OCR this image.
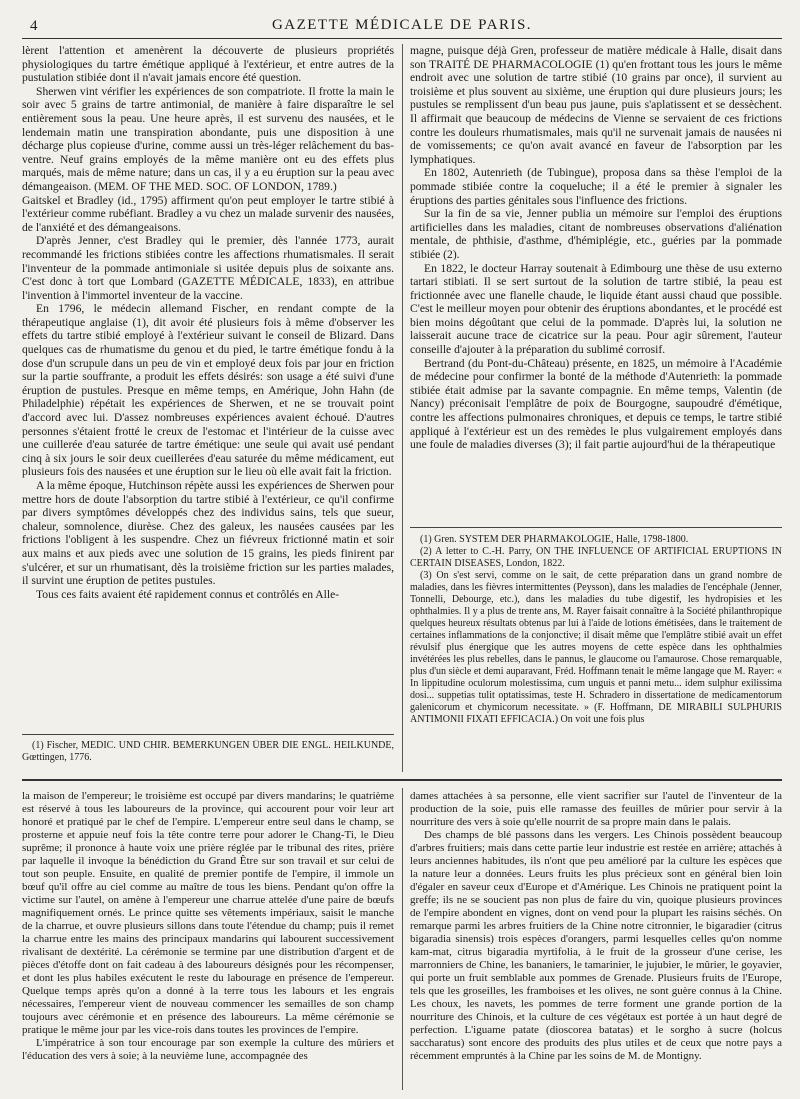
4	GAZETTE MÉDICALE DE PARIS.

lèrent l'attention et amenèrent la découverte de plusieurs propriétés physiologiques du tartre émétique appliqué à l'extérieur, et entre autres de la pustulation stibiée dont il n'avait jamais encore été question.

Sherwen vint vérifier les expériences de son compatriote. Il frotte la main le soir avec 5 grains de tartre antimonial, de manière à faire disparaître le sel entièrement sous la peau. Une heure après, il est survenu des nausées, et le lendemain matin une transpiration abondante, puis une disposition à une décharge plus copieuse d'urine, comme aussi un très-léger relâchement du bas-ventre. Neuf grains employés de la même manière ont eu des effets plus marqués, mais de même nature; dans un cas, il y a eu éruption sur la peau avec démangeaison. (MEM. OF THE MED. SOC. OF LONDON, 1789.)

Gaitskel et Bradley (id., 1795) affirment qu'on peut employer le tartre stibié à l'extérieur comme rubéfiant. Bradley a vu chez un malade survenir des nausées, de l'anxiété et des démangeaisons.

D'après Jenner, c'est Bradley qui le premier, dès l'année 1773, aurait recommandé les frictions stibiées contre les affections rhumatismales. Il serait l'inventeur de la pommade antimoniale si usitée depuis plus de soixante ans. C'est donc à tort que Lombard (GAZETTE MÉDICALE, 1833), en attribue l'invention à l'immortel inventeur de la vaccine.

En 1796, le médecin allemand Fischer, en rendant compte de la thérapeutique anglaise (1), dit avoir été plusieurs fois à même d'observer les effets du tartre stibié employé à l'extérieur suivant le conseil de Blizard. Dans quelques cas de rhumatisme du genou et du pied, le tartre émétique fondu à la dose d'un scrupule dans un peu de vin et employé deux fois par jour en friction sur la partie souffrante, a produit les effets désirés: son usage a été suivi d'une éruption de pustules. Presque en même temps, en Amérique, John Hahn (de Philadelphie) répétait les expériences de Sherwen, et ne se trouvait point d'accord avec lui. D'assez nombreuses expériences avaient échoué. D'autres personnes s'étaient frotté le creux de l'estomac et l'intérieur de la cuisse avec une cuillerée d'eau saturée de tartre émétique: une seule qui avait usé pendant cinq à six jours le soir deux cueillerées d'eau saturée du même médicament, eut plusieurs fois des nausées et une éruption sur le lieu où elle avait fait la friction.

A la même époque, Hutchinson répète aussi les expériences de Sherwen pour mettre hors de doute l'absorption du tartre stibié à l'extérieur, ce qu'il confirme par divers symptômes développés chez des individus sains, tels que sueur, chaleur, somnolence, diurèse. Chez des galeux, les nausées causées par les frictions l'obligent à les suspendre. Chez un fiévreux frictionné matin et soir aux mains et aux pieds avec une solution de 15 grains, les pieds finirent par s'ulcérer, et sur un rhumatisant, dès la troisième friction sur les parties malades, il survint une éruption de petites pustules.

Tous ces faits avaient été rapidement connus et contrôlés en Alle-

(1) Fischer, MEDIC. UND CHIR. BEMERKUNGEN ÜBER DIE ENGL. HEILKUNDE, Gœttingen, 1776.

magne, puisque déjà Gren, professeur de matière médicale à Halle, disait dans son TRAITÉ DE PHARMACOLOGIE (1) qu'en frottant tous les jours le même endroit avec une solution de tartre stibié (10 grains par once), il survient au troisième et plus souvent au sixième, une éruption qui dure plusieurs jours; les pustules se remplissent d'un beau pus jaune, puis s'aplatissent et se dessèchent. Il affirmait que beaucoup de médecins de Vienne se servaient de ces frictions contre les douleurs rhumatismales, mais qu'il ne survenait jamais de nausées ni de vomissements; ce qu'on avait avancé en faveur de l'absorption par les lymphatiques.

En 1802, Autenrieth (de Tubingue), proposa dans sa thèse l'emploi de la pommade stibiée contre la coqueluche; il a été le premier à signaler les éruptions des parties génitales sous l'influence des frictions.

Sur la fin de sa vie, Jenner publia un mémoire sur l'emploi des éruptions artificielles dans les maladies, citant de nombreuses observations d'aliénation mentale, de phthisie, d'asthme, d'hémiplégie, etc., guéries par la pommade stibiée (2).

En 1822, le docteur Harray soutenait à Edimbourg une thèse de usu externo tartari stibiati. Il se sert surtout de la solution de tartre stibié, la peau est frictionnée avec une flanelle chaude, le liquide étant aussi chaud que possible. C'est le meilleur moyen pour obtenir des éruptions abondantes, et le procédé est bien moins dégoûtant que celui de la pommade. D'après lui, la solution ne laisserait aucune trace de cicatrice sur la peau. Pour agir sûrement, l'auteur conseille d'ajouter à la préparation du sublimé corrosif.

Bertrand (du Pont-du-Château) présente, en 1825, un mémoire à l'Académie de médecine pour confirmer la bonté de la méthode d'Autenrieth: la pommade stibiée était admise par la savante compagnie. En même temps, Valentin (de Nancy) préconisait l'emplâtre de poix de Bourgogne, saupoudré d'émétique, contre les affections pulmonaires chroniques, et depuis ce temps, le tartre stibié appliqué à l'extérieur est un des remèdes le plus vulgairement employés dans une foule de maladies diverses (3); il fait partie aujourd'hui de la thérapeutique

(1) Gren. SYSTEM DER PHARMAKOLOGIE, Halle, 1798-1800.

(2) A letter to C.-H. Parry, ON THE INFLUENCE OF ARTIFICIAL ERUPTIONS IN CERTAIN DISEASES, London, 1822.

(3) On s'est servi, comme on le sait, de cette préparation dans un grand nombre de maladies, dans les fièvres intermittentes (Peysson), dans les maladies de l'encéphale (Jenner, Tonnelli, Debourge, etc.), dans les maladies du tube digestif, les hydropisies et les ophthalmies. Il y a plus de trente ans, M. Rayer faisait connaître à la Société philanthropique quelques heureux résultats obtenus par lui à l'aide de lotions émétisées, dans le traitement de certaines inflammations de la conjonctive; il disait même que l'emplâtre stibié avait un effet révulsif plus énergique que les autres moyens de cette espèce dans les ophthalmies invétérées les plus rebelles, dans le pannus, le glaucome ou l'amaurose. Chose remarquable, plus d'un siècle et demi auparavant, Fréd. Hoffmann tenait le même langage que M. Rayer: « In lippitudine oculorum molestissima, cum unguis et panni metu... idem sulphur exilissima dosi... suppetias tulit optatissimas, teste H. Schradero in dissertatione de medicamentorum galenicorum et chymicorum necessitate. » (F. Hoffmann, DE MIRABILI SULPHURIS ANTIMONII FIXATI EFFICACIA.) On voit une fois plus

la maison de l'empereur; le troisième est occupé par divers mandarins; le quatrième est réservé à tous les laboureurs de la province, qui accourent pour voir leur art honoré et pratiqué par le chef de l'empire. L'empereur entre seul dans le champ, se prosterne et appuie neuf fois la tête contre terre pour adorer le Chang-Ti, le Dieu suprême; il prononce à haute voix une prière réglée par le tribunal des rites, prière par laquelle il invoque la bénédiction du Grand Être sur son travail et sur celui de tout son peuple. Ensuite, en qualité de premier pontife de l'empire, il immole un bœuf qu'il offre au ciel comme au maître de tous les biens. Pendant qu'on offre la victime sur l'autel, on amène à l'empereur une charrue attelée d'une paire de bœufs magnifiquement ornés. Le prince quitte ses vêtements impériaux, saisit le manche de la charrue, et ouvre plusieurs sillons dans toute l'étendue du champ; puis il remet la charrue entre les mains des principaux mandarins qui labourent successivement rivalisant de dextérité. La cérémonie se termine par une distribution d'argent et de pièces d'étoffe dont on fait cadeau à des laboureurs désignés pour les récompenser, et dont les plus habiles exécutent le reste du labourage en présence de l'empereur. Quelque temps après qu'on a donné à la terre tous les labours et les engrais nécessaires, l'empereur vient de nouveau commencer les semailles de son champ toujours avec cérémonie et en présence des laboureurs. La même cérémonie se pratique le même jour par les vice-rois dans toutes les provinces de l'empire.

L'impératrice à son tour encourage par son exemple la culture des mûriers et l'éducation des vers à soie; à la neuvième lune, accompagnée des

dames attachées à sa personne, elle vient sacrifier sur l'autel de l'inventeur de la production de la soie, puis elle ramasse des feuilles de mûrier pour servir à la nourriture des vers à soie qu'elle nourrit de sa propre main dans le palais.

Des champs de blé passons dans les vergers. Les Chinois possèdent beaucoup d'arbres fruitiers; mais dans cette partie leur industrie est restée en arrière; attachés à leurs anciennes habitudes, ils n'ont que peu amélioré par la culture les espèces que la nature leur a données. Leurs fruits les plus précieux sont en général bien loin d'égaler en saveur ceux d'Europe et d'Amérique. Les Chinois ne pratiquent point la greffe; ils ne se soucient pas non plus de faire du vin, quoique plusieurs provinces de l'empire abondent en vignes, dont on vend pour la plupart les raisins séchés. On remarque parmi les arbres fruitiers de la Chine notre citronnier, le bigaradier (citrus bigaradia sinensis) trois espèces d'orangers, parmi lesquelles celles qu'on nomme kam-mat, citrus bigaradia myrtifolia, à le fruit de la grosseur d'une cerise, les marronniers de Chine, les bananiers, le tamarinier, le jujubier, le mûrier, le goyavier, qui porte un fruit semblable aux pommes de Grenade. Plusieurs fruits de l'Europe, tels que les groseilles, les framboises et les olives, ne sont guère connus à la Chine. Les choux, les navets, les pommes de terre forment une grande portion de la nourriture des Chinois, et la culture de ces végétaux est portée à un haut degré de perfection. L'iguame patate (dioscorea batatas) et le sorgho à sucre (holcus saccharatus) sont encore des produits des plus utiles et de ceux que notre pays a récemment empruntés à la Chine par les soins de M. de Montigny.
